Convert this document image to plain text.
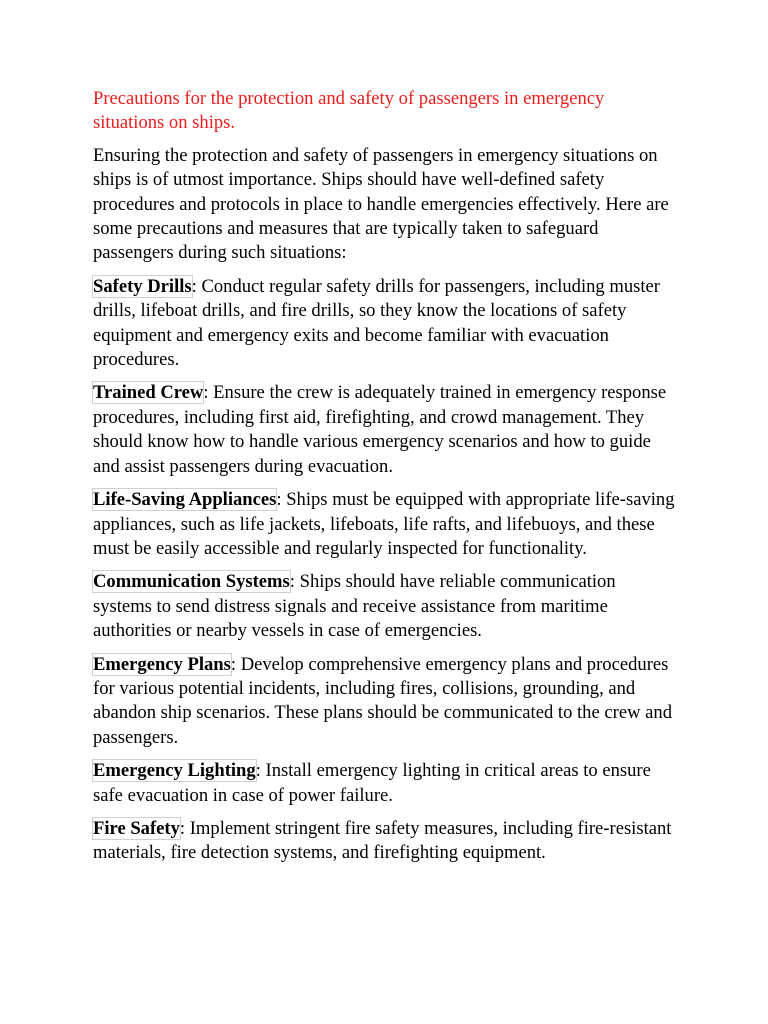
Precautions for the protection and safety of passengers in emergency situations on ships.

Ensuring the protection and safety of passengers in emergency situations on ships is of utmost importance. Ships should have well-defined safety procedures and protocols in place to handle emergencies effectively. Here are some precautions and measures that are typically taken to safeguard passengers during such situations:

Safety Drills: Conduct regular safety drills for passengers, including muster drills, lifeboat drills, and fire drills, so they know the locations of safety equipment and emergency exits and become familiar with evacuation procedures.

Trained Crew: Ensure the crew is adequately trained in emergency response procedures, including first aid, firefighting, and crowd management. They should know how to handle various emergency scenarios and how to guide and assist passengers during evacuation.

Life-Saving Appliances: Ships must be equipped with appropriate life-saving appliances, such as life jackets, lifeboats, life rafts, and lifebuoys, and these must be easily accessible and regularly inspected for functionality.

Communication Systems: Ships should have reliable communication systems to send distress signals and receive assistance from maritime authorities or nearby vessels in case of emergencies.

Emergency Plans: Develop comprehensive emergency plans and procedures for various potential incidents, including fires, collisions, grounding, and abandon ship scenarios. These plans should be communicated to the crew and passengers.

Emergency Lighting: Install emergency lighting in critical areas to ensure safe evacuation in case of power failure.

Fire Safety: Implement stringent fire safety measures, including fire-resistant materials, fire detection systems, and firefighting equipment.
